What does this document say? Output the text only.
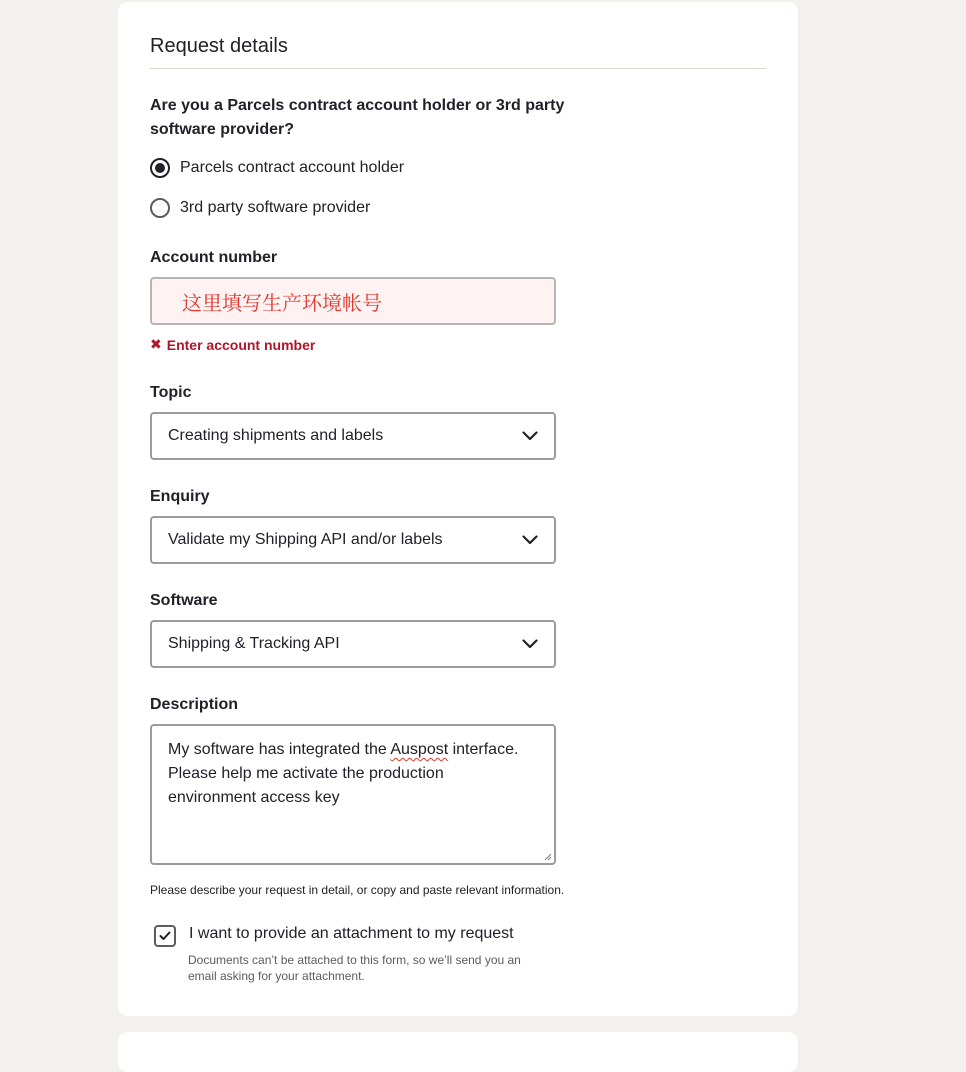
Request details
Are you a Parcels contract account holder or 3rd party software provider?
Parcels contract account holder
3rd party software provider
Account number
这里填写生产环境帐号
✖ Enter account number
Topic
Creating shipments and labels
Enquiry
Validate my Shipping API and/or labels
Software
Shipping & Tracking API
Description
My software has integrated the Auspost interface.
Please help me activate the production
environment access key
Please describe your request in detail, or copy and paste relevant information.
I want to provide an attachment to my request
Documents can’t be attached to this form, so we’ll send you an email asking for your attachment.
